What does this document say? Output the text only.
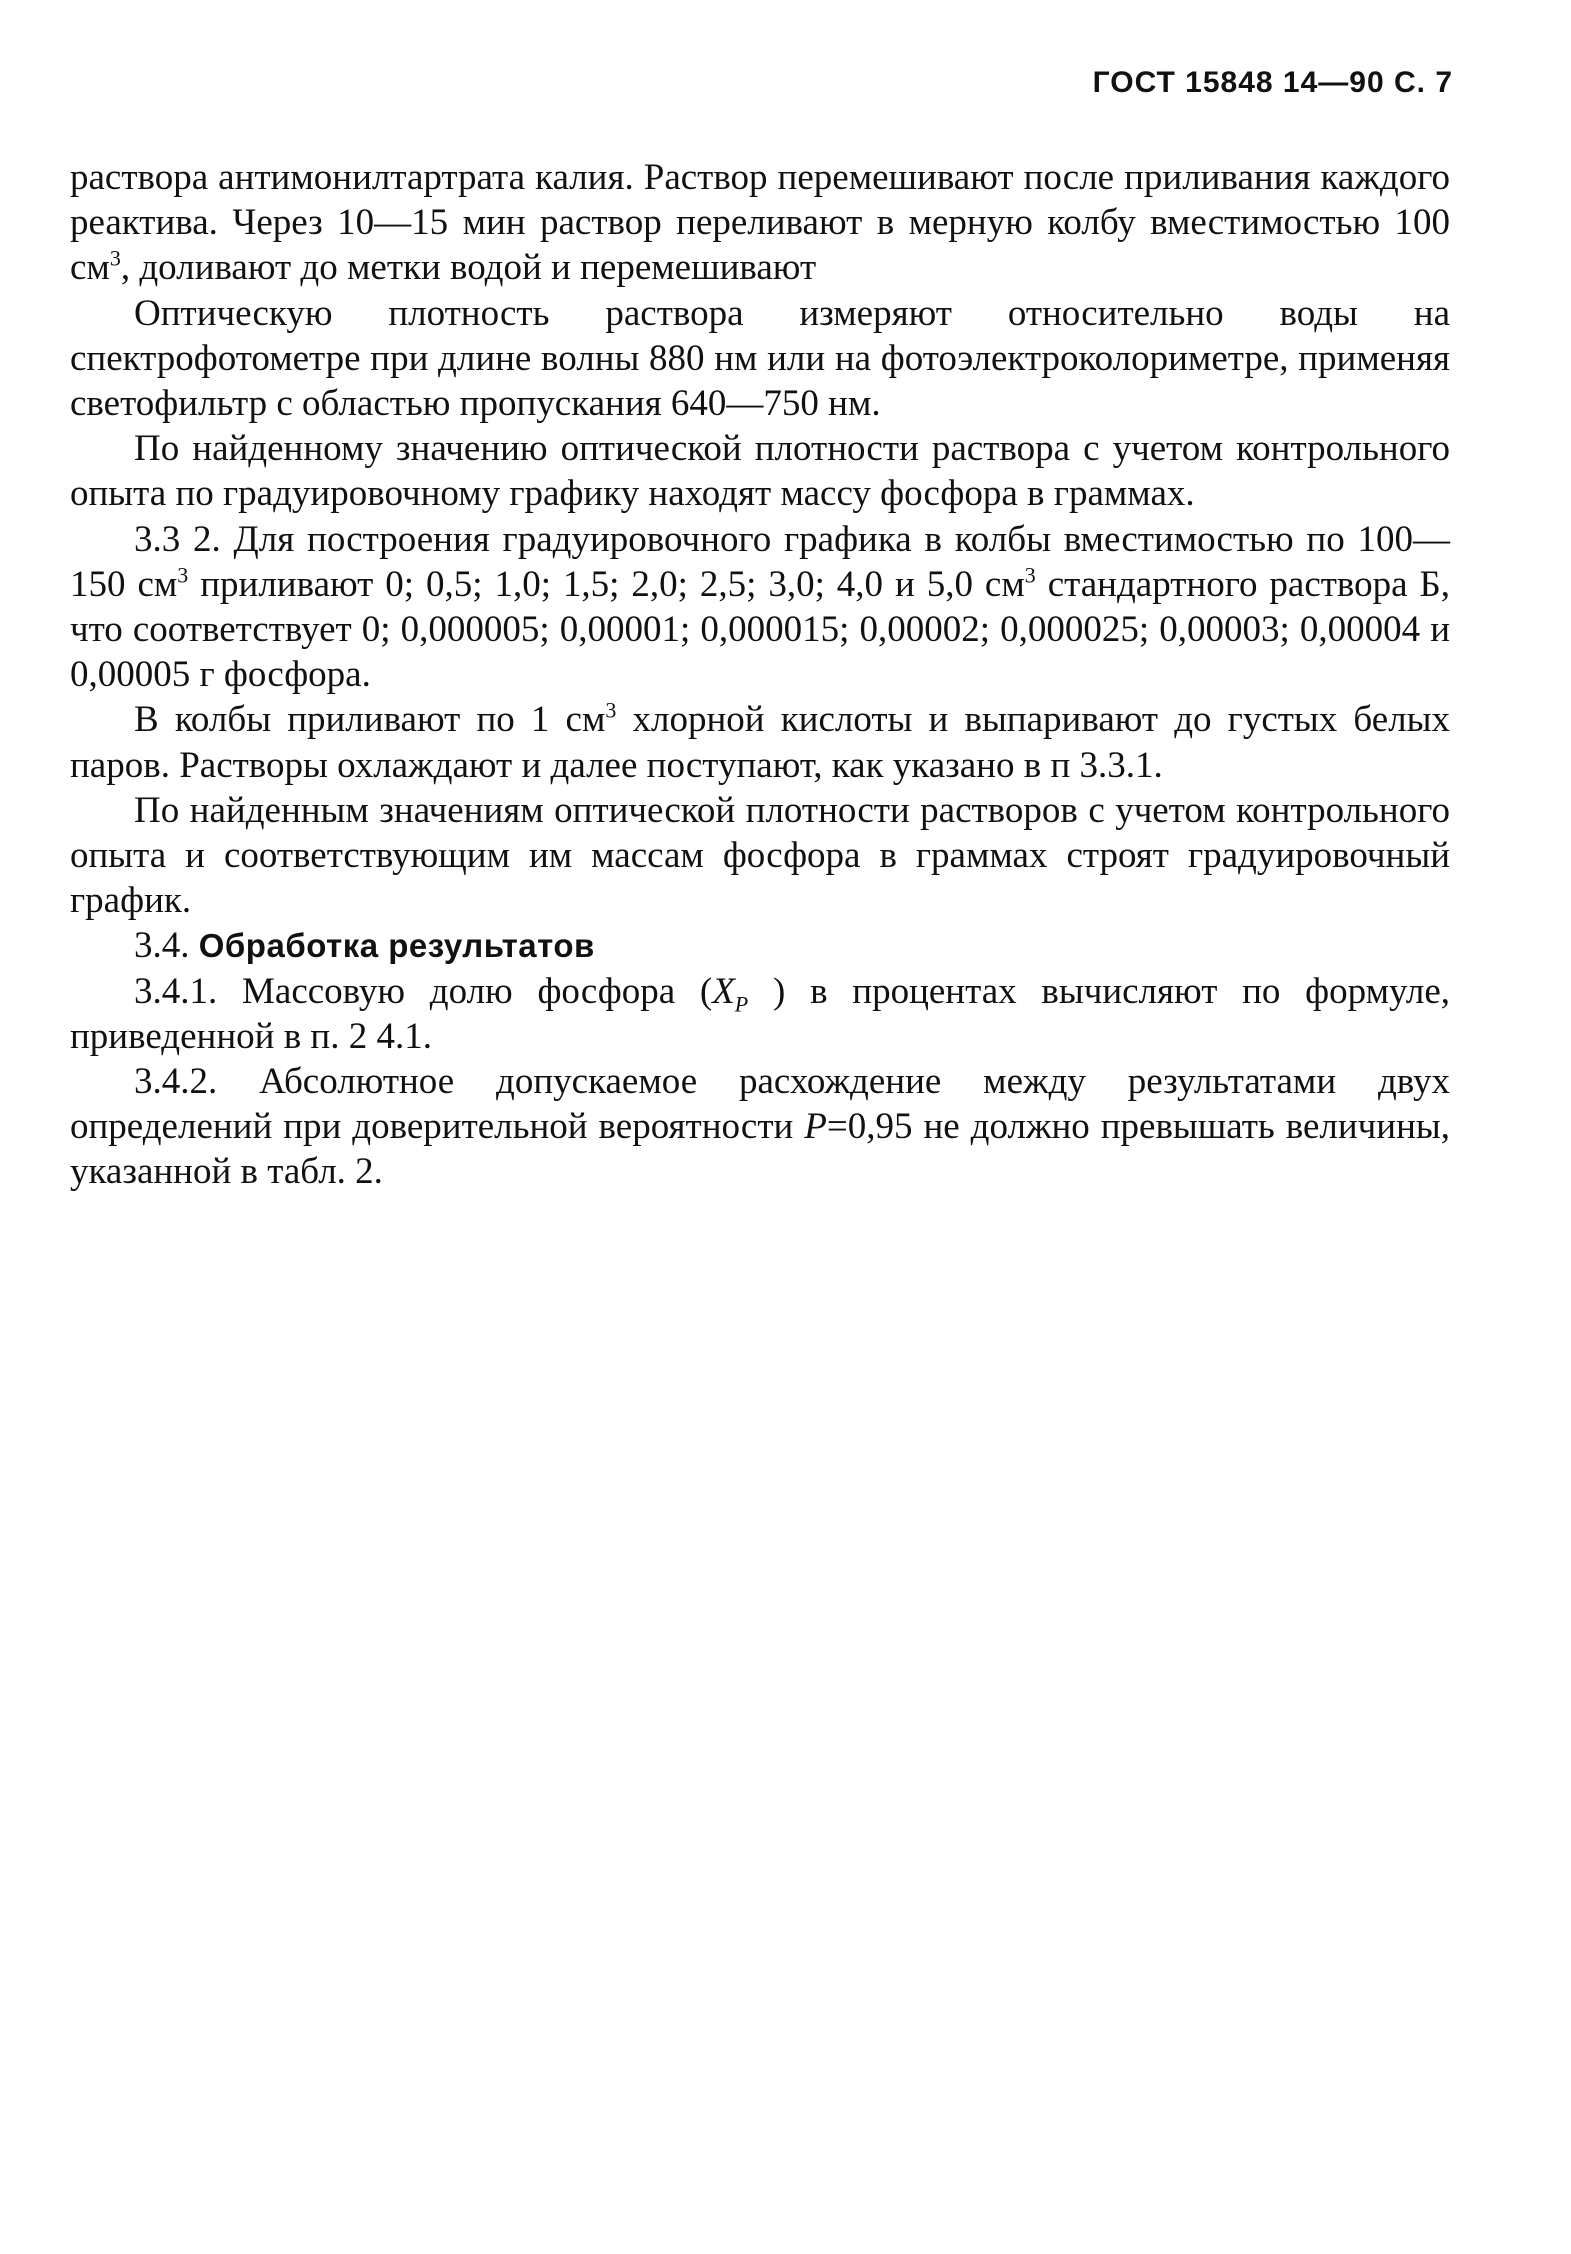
ГОСТ 15848 14—90 С. 7

раствора антимонилтартрата калия. Раствор перемешивают после приливания каждого реактива. Через 10—15 мин раствор переливают в мерную колбу вместимостью 100 $см^3$, доливают до метки водой и перемешивают

Оптическую плотность раствора измеряют относительно воды на спектрофотометре при длине волны 880 нм или на фотоэлектроколориметре, применяя светофильтр с областью пропускания 640—750 нм.

По найденному значению оптической плотности раствора с учетом контрольного опыта по градуировочному графику находят массу фосфора в граммах.

3.3 2. Для построения градуировочного графика в колбы вместимостью по 100—150 $см^3$ приливают 0; 0,5; 1,0; 1,5; 2,0; 2,5; 3,0; 4,0 и 5,0 $см^3$ стандартного раствора Б, что соответствует 0; 0,000005; 0,00001; 0,000015; 0,00002; 0,000025; 0,00003; 0,00004 и 0,00005 г фосфора.

В колбы приливают по 1 $см^3$ хлорной кислоты и выпаривают до густых белых паров. Растворы охлаждают и далее поступают, как указано в п 3.3.1.

По найденным значениям оптической плотности растворов с учетом контрольного опыта и соответствующим им массам фосфора в граммах строят градуировочный график.

3.4. Обработка результатов

3.4.1. Массовую долю фосфора ($X_P$ ) в процентах вычисляют по формуле, приведенной в п. 2 4.1.

3.4.2. Абсолютное допускаемое расхождение между результатами двух определений при доверительной вероятности P=0,95 не должно превышать величины, указанной в табл. 2.
